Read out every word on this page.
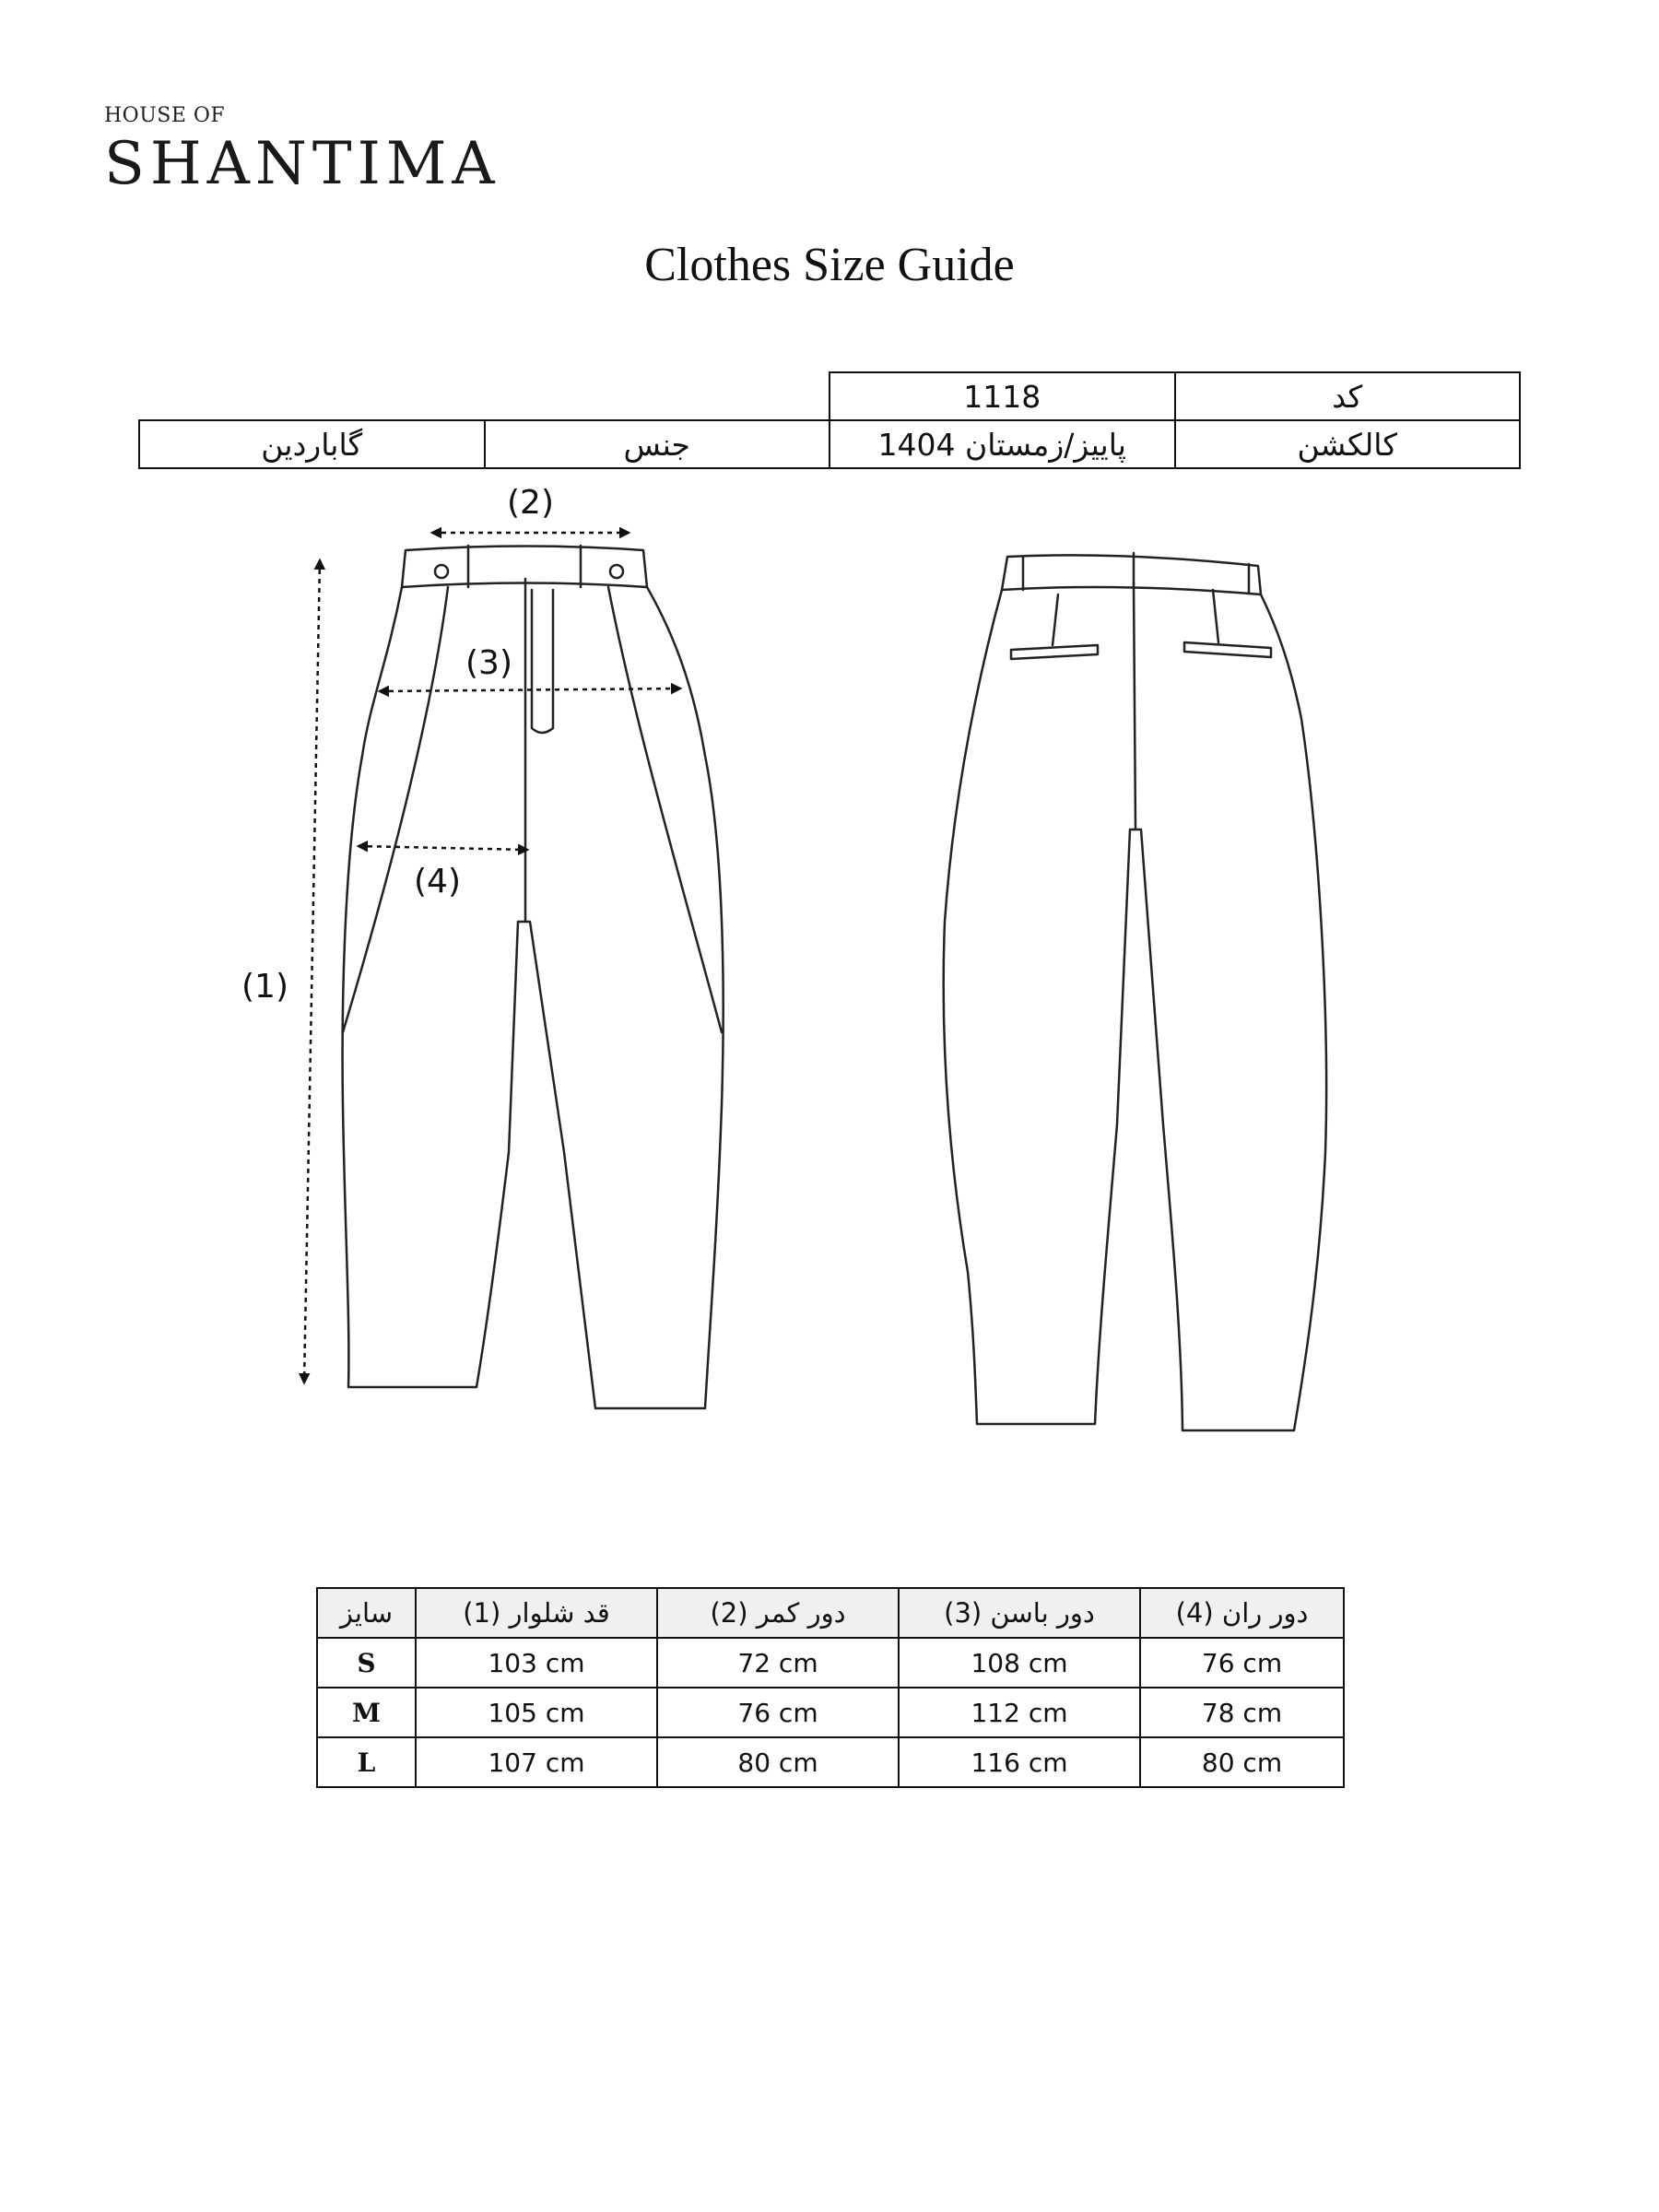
HOUSE OF
SHANTIMA
Clothes Size Guide
		1118	کد
گاباردین	جنس	پاییز/زمستان 1404	کالکشن
(1)
(2)
(3)
(4)
سایز	(1) قد شلوار	(2) دور کمر	(3) دور باسن	(4) دور ران
S	103 cm	72 cm	108 cm	76 cm
M	105 cm	76 cm	112 cm	78 cm
L	107 cm	80 cm	116 cm	80 cm
